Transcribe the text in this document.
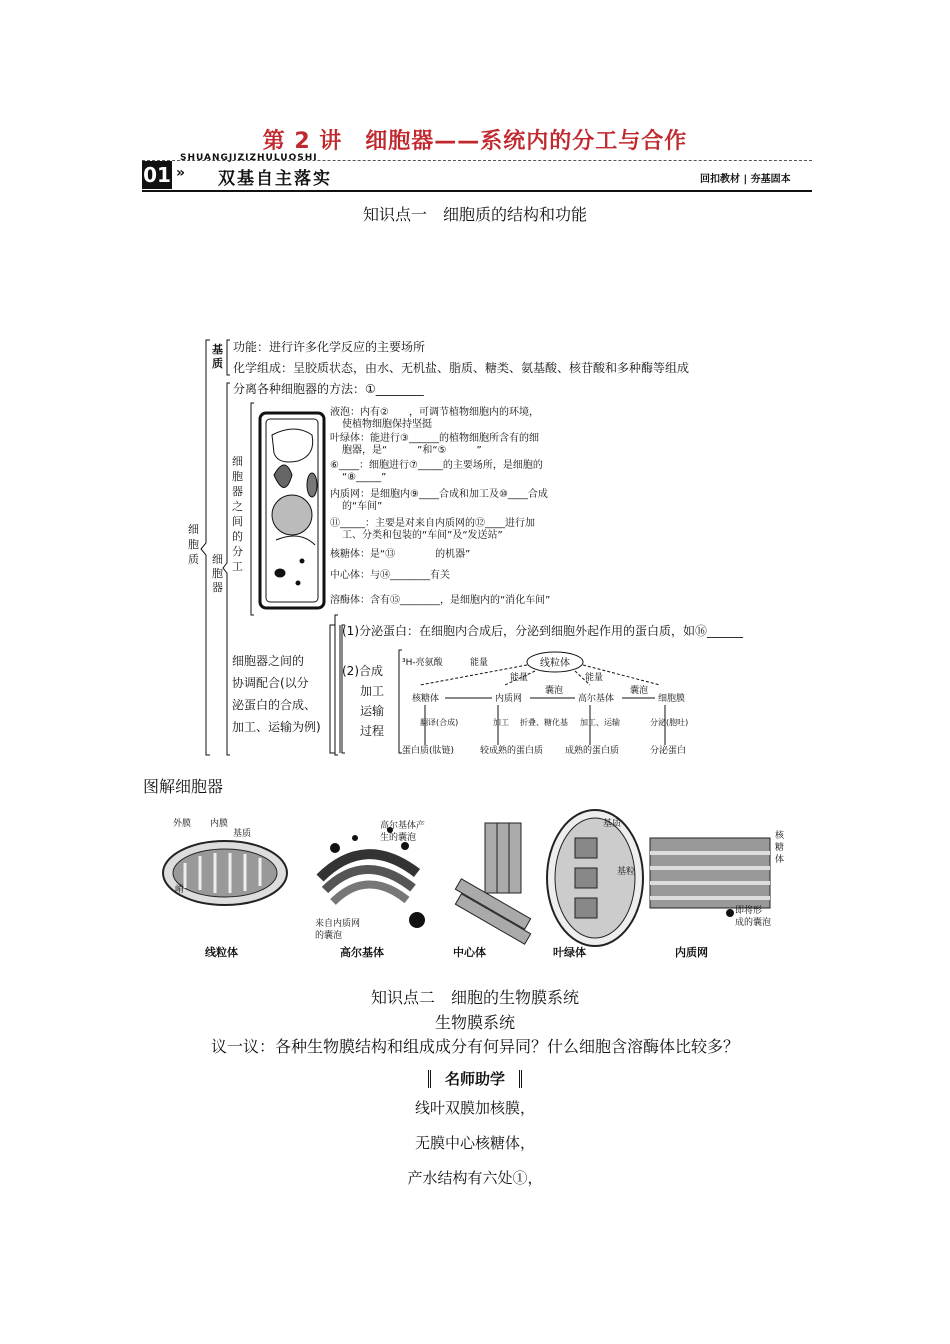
第 2 讲　细胞器——系统内的分工与合作
SHUANGJIZIZHULUOSHI
01 » 双基自主落实	回扣教材 | 夯基固本
知识点一　细胞质的结构和功能
细
胞
质
基
质
功能：进行许多化学反应的主要场所
化学组成：呈胶质状态，由水、无机盐、脂质、糖类、氨基酸、核苷酸和多种酶等组成
细
胞
器
分离各种细胞器的方法：①________
细
胞
器
之
间
的
分
工
液泡：内有②　　，可调节植物细胞内的环境，
使植物细胞保持坚挺
叶绿体：能进行③______的植物细胞所含有的细
胞器，是“　　　”和“⑤　　　”
⑥____：细胞进行⑦_____的主要场所，是细胞的
“⑧_____”
内质网：是细胞内⑨____合成和加工及⑩____合成
的“车间”
⑪_____：主要是对来自内质网的⑫____进行加
工、分类和包装的“车间”及“发送站”
核糖体：是“⑬　　　　的机器”
中心体：与⑭________有关
溶酶体：含有⑮________，是细胞内的“消化车间”
细胞器之间的
协调配合(以分
泌蛋白的合成、
加工、运输为例)
(1)分泌蛋白：在细胞内合成后，分泌到细胞外起作用的蛋白质，如⑯______
(2)合成
加工
运输
过程
³H-亮氨酸	线粒体
能量
能量	能量
核糖体	内质网	高尔基体	细胞膜
囊泡	囊泡
翻译(合成)	加工 折叠、糖化基 加工、运输	分泌(胞吐)
蛋白质(肽链)	较成熟的蛋白质 成熟的蛋白质	分泌蛋白
图解细胞器
外膜 内膜
基质
嵴
高尔基体产
生的囊泡
来自内质网
的囊泡
基质
基粒
核
糖
体
即将形
成的囊泡
线粒体	高尔基体	中心体	叶绿体	内质网
知识点二　细胞的生物膜系统
生物膜系统
议一议：各种生物膜结构和组成成分有何异同？什么细胞含溶酶体比较多？
名师助学
线叶双膜加核膜，
无膜中心核糖体，
产水结构有六处①，
